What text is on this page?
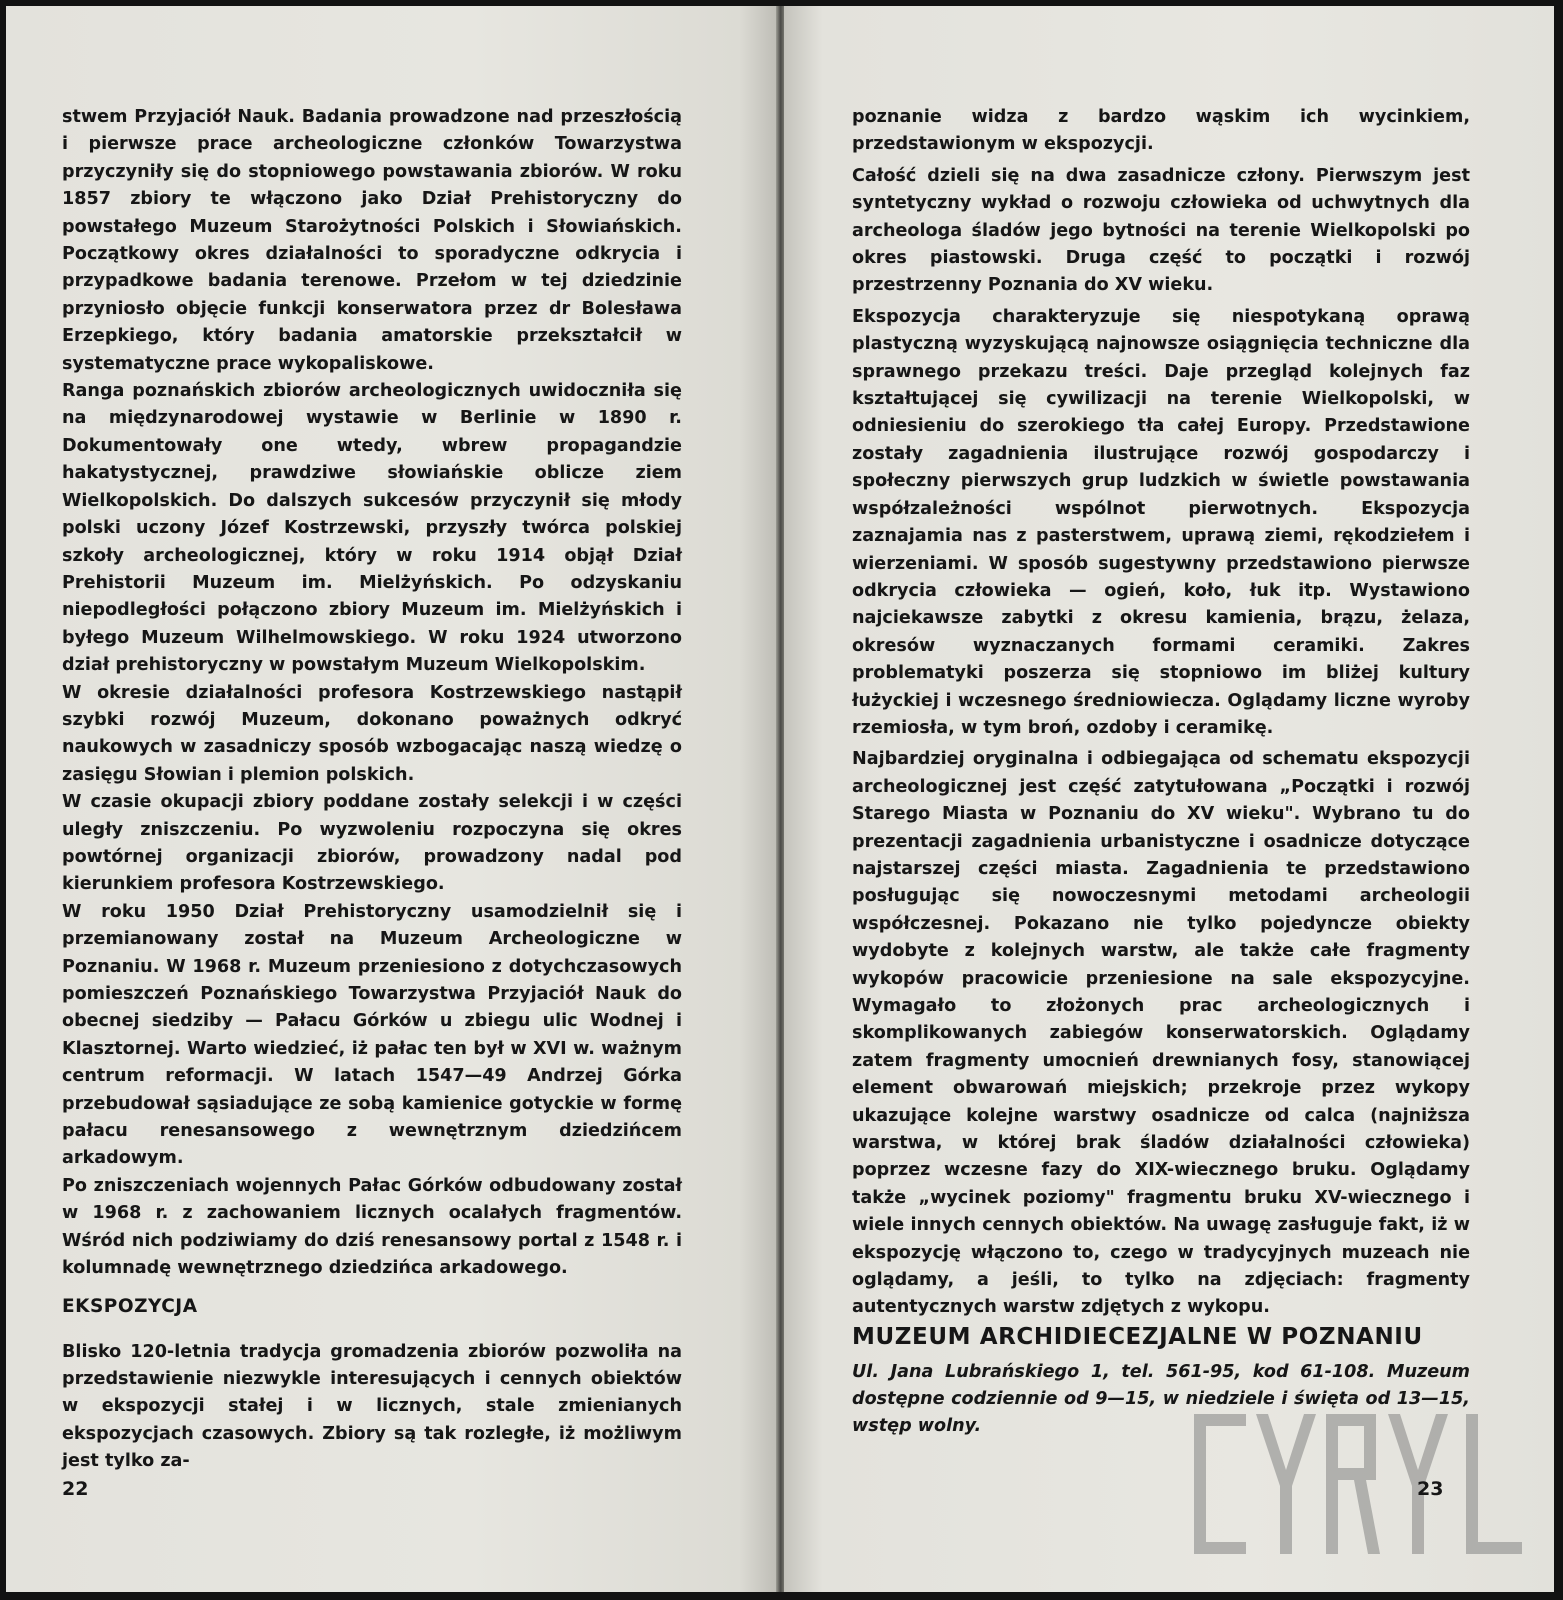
stwem Przyjaciół Nauk. Badania prowadzone nad przeszłością i pierwsze prace archeologiczne członków Towarzystwa przyczyniły się do stopniowego powstawania zbiorów. W roku 1857 zbiory te włączono jako Dział Prehistoryczny do powstałego Muzeum Starożytności Polskich i Słowiańskich. Początkowy okres działalności to sporadyczne odkrycia i przypadkowe badania terenowe. Przełom w tej dziedzinie przyniosło objęcie funkcji konserwatora przez dr Bolesława Erzepkiego, który badania amatorskie przekształcił w systematyczne prace wykopaliskowe.

Ranga poznańskich zbiorów archeologicznych uwidoczniła się na międzynarodowej wystawie w Berlinie w 1890 r. Dokumentowały one wtedy, wbrew propagandzie hakatystycznej, prawdziwe słowiańskie oblicze ziem Wielkopolskich. Do dalszych sukcesów przyczynił się młody polski uczony Józef Kostrzewski, przyszły twórca polskiej szkoły archeologicznej, który w roku 1914 objął Dział Prehistorii Muzeum im. Mielżyńskich. Po odzyskaniu niepodległości połączono zbiory Muzeum im. Mielżyńskich i byłego Muzeum Wilhelmowskiego. W roku 1924 utworzono dział prehistoryczny w powstałym Muzeum Wielkopolskim.

W okresie działalności profesora Kostrzewskiego nastąpił szybki rozwój Muzeum, dokonano poważnych odkryć naukowych w zasadniczy sposób wzbogacając naszą wiedzę o zasięgu Słowian i plemion polskich.

W czasie okupacji zbiory poddane zostały selekcji i w części uległy zniszczeniu. Po wyzwoleniu rozpoczyna się okres powtórnej organizacji zbiorów, prowadzony nadal pod kierunkiem profesora Kostrzewskiego.

W roku 1950 Dział Prehistoryczny usamodzielnił się i przemianowany został na Muzeum Archeologiczne w Poznaniu. W 1968 r. Muzeum przeniesiono z dotychczasowych pomieszczeń Poznańskiego Towarzystwa Przyjaciół Nauk do obecnej siedziby — Pałacu Górków u zbiegu ulic Wodnej i Klasztornej. Warto wiedzieć, iż pałac ten był w XVI w. ważnym centrum reformacji. W latach 1547—49 Andrzej Górka przebudował sąsiadujące ze sobą kamienice gotyckie w formę pałacu renesansowego z wewnętrznym dziedzińcem arkadowym.

Po zniszczeniach wojennych Pałac Górków odbudowany został w 1968 r. z zachowaniem licznych ocalałych fragmentów. Wśród nich podziwiamy do dziś renesansowy portal z 1548 r. i kolumnadę wewnętrznego dziedzińca arkadowego.

EKSPOZYCJA
Blisko 120-letnia tradycja gromadzenia zbiorów pozwoliła na przedstawienie niezwykle interesujących i cennych obiektów w ekspozycji stałej i w licznych, stale zmienianych ekspozycjach czasowych. Zbiory są tak rozległe, iż możliwym jest tylko za-
22

poznanie widza z bardzo wąskim ich wycinkiem, przedstawionym w ekspozycji.

Całość dzieli się na dwa zasadnicze człony. Pierwszym jest syntetyczny wykład o rozwoju człowieka od uchwytnych dla archeologa śladów jego bytności na terenie Wielkopolski po okres piastowski. Druga część to początki i rozwój przestrzenny Poznania do XV wieku.

Ekspozycja charakteryzuje się niespotykaną oprawą plastyczną wyzyskującą najnowsze osiągnięcia techniczne dla sprawnego przekazu treści. Daje przegląd kolejnych faz kształtującej się cywilizacji na terenie Wielkopolski, w odniesieniu do szerokiego tła całej Europy. Przedstawione zostały zagadnienia ilustrujące rozwój gospodarczy i społeczny pierwszych grup ludzkich w świetle powstawania współzależności wspólnot pierwotnych. Ekspozycja zaznajamia nas z pasterstwem, uprawą ziemi, rękodziełem i wierzeniami. W sposób sugestywny przedstawiono pierwsze odkrycia człowieka — ogień, koło, łuk itp. Wystawiono najciekawsze zabytki z okresu kamienia, brązu, żelaza, okresów wyznaczanych formami ceramiki. Zakres problematyki poszerza się stopniowo im bliżej kultury łużyckiej i wczesnego średniowiecza. Oglądamy liczne wyroby rzemiosła, w tym broń, ozdoby i ceramikę.

Najbardziej oryginalna i odbiegająca od schematu ekspozycji archeologicznej jest część zatytułowana „Początki i rozwój Starego Miasta w Poznaniu do XV wieku". Wybrano tu do prezentacji zagadnienia urbanistyczne i osadnicze dotyczące najstarszej części miasta. Zagadnienia te przedstawiono posługując się nowoczesnymi metodami archeologii współczesnej. Pokazano nie tylko pojedyncze obiekty wydobyte z kolejnych warstw, ale także całe fragmenty wykopów pracowicie przeniesione na sale ekspozycyjne. Wymagało to złożonych prac archeologicznych i skomplikowanych zabiegów konserwatorskich. Oglądamy zatem fragmenty umocnień drewnianych fosy, stanowiącej element obwarowań miejskich; przekroje przez wykopy ukazujące kolejne warstwy osadnicze od calca (najniższa warstwa, w której brak śladów działalności człowieka) poprzez wczesne fazy do XIX-wiecznego bruku. Oglądamy także „wycinek poziomy" fragmentu bruku XV-wiecznego i wiele innych cennych obiektów. Na uwagę zasługuje fakt, iż w ekspozycję włączono to, czego w tradycyjnych muzeach nie oglądamy, a jeśli, to tylko na zdjęciach: fragmenty autentycznych warstw zdjętych z wykopu.

MUZEUM ARCHIDIECEZJALNE W POZNANIU
Ul. Jana Lubrańskiego 1, tel. 561-95, kod 61-108. Muzeum dostępne codziennie od 9—15, w niedziele i święta od 13—15, wstęp wolny.
23
